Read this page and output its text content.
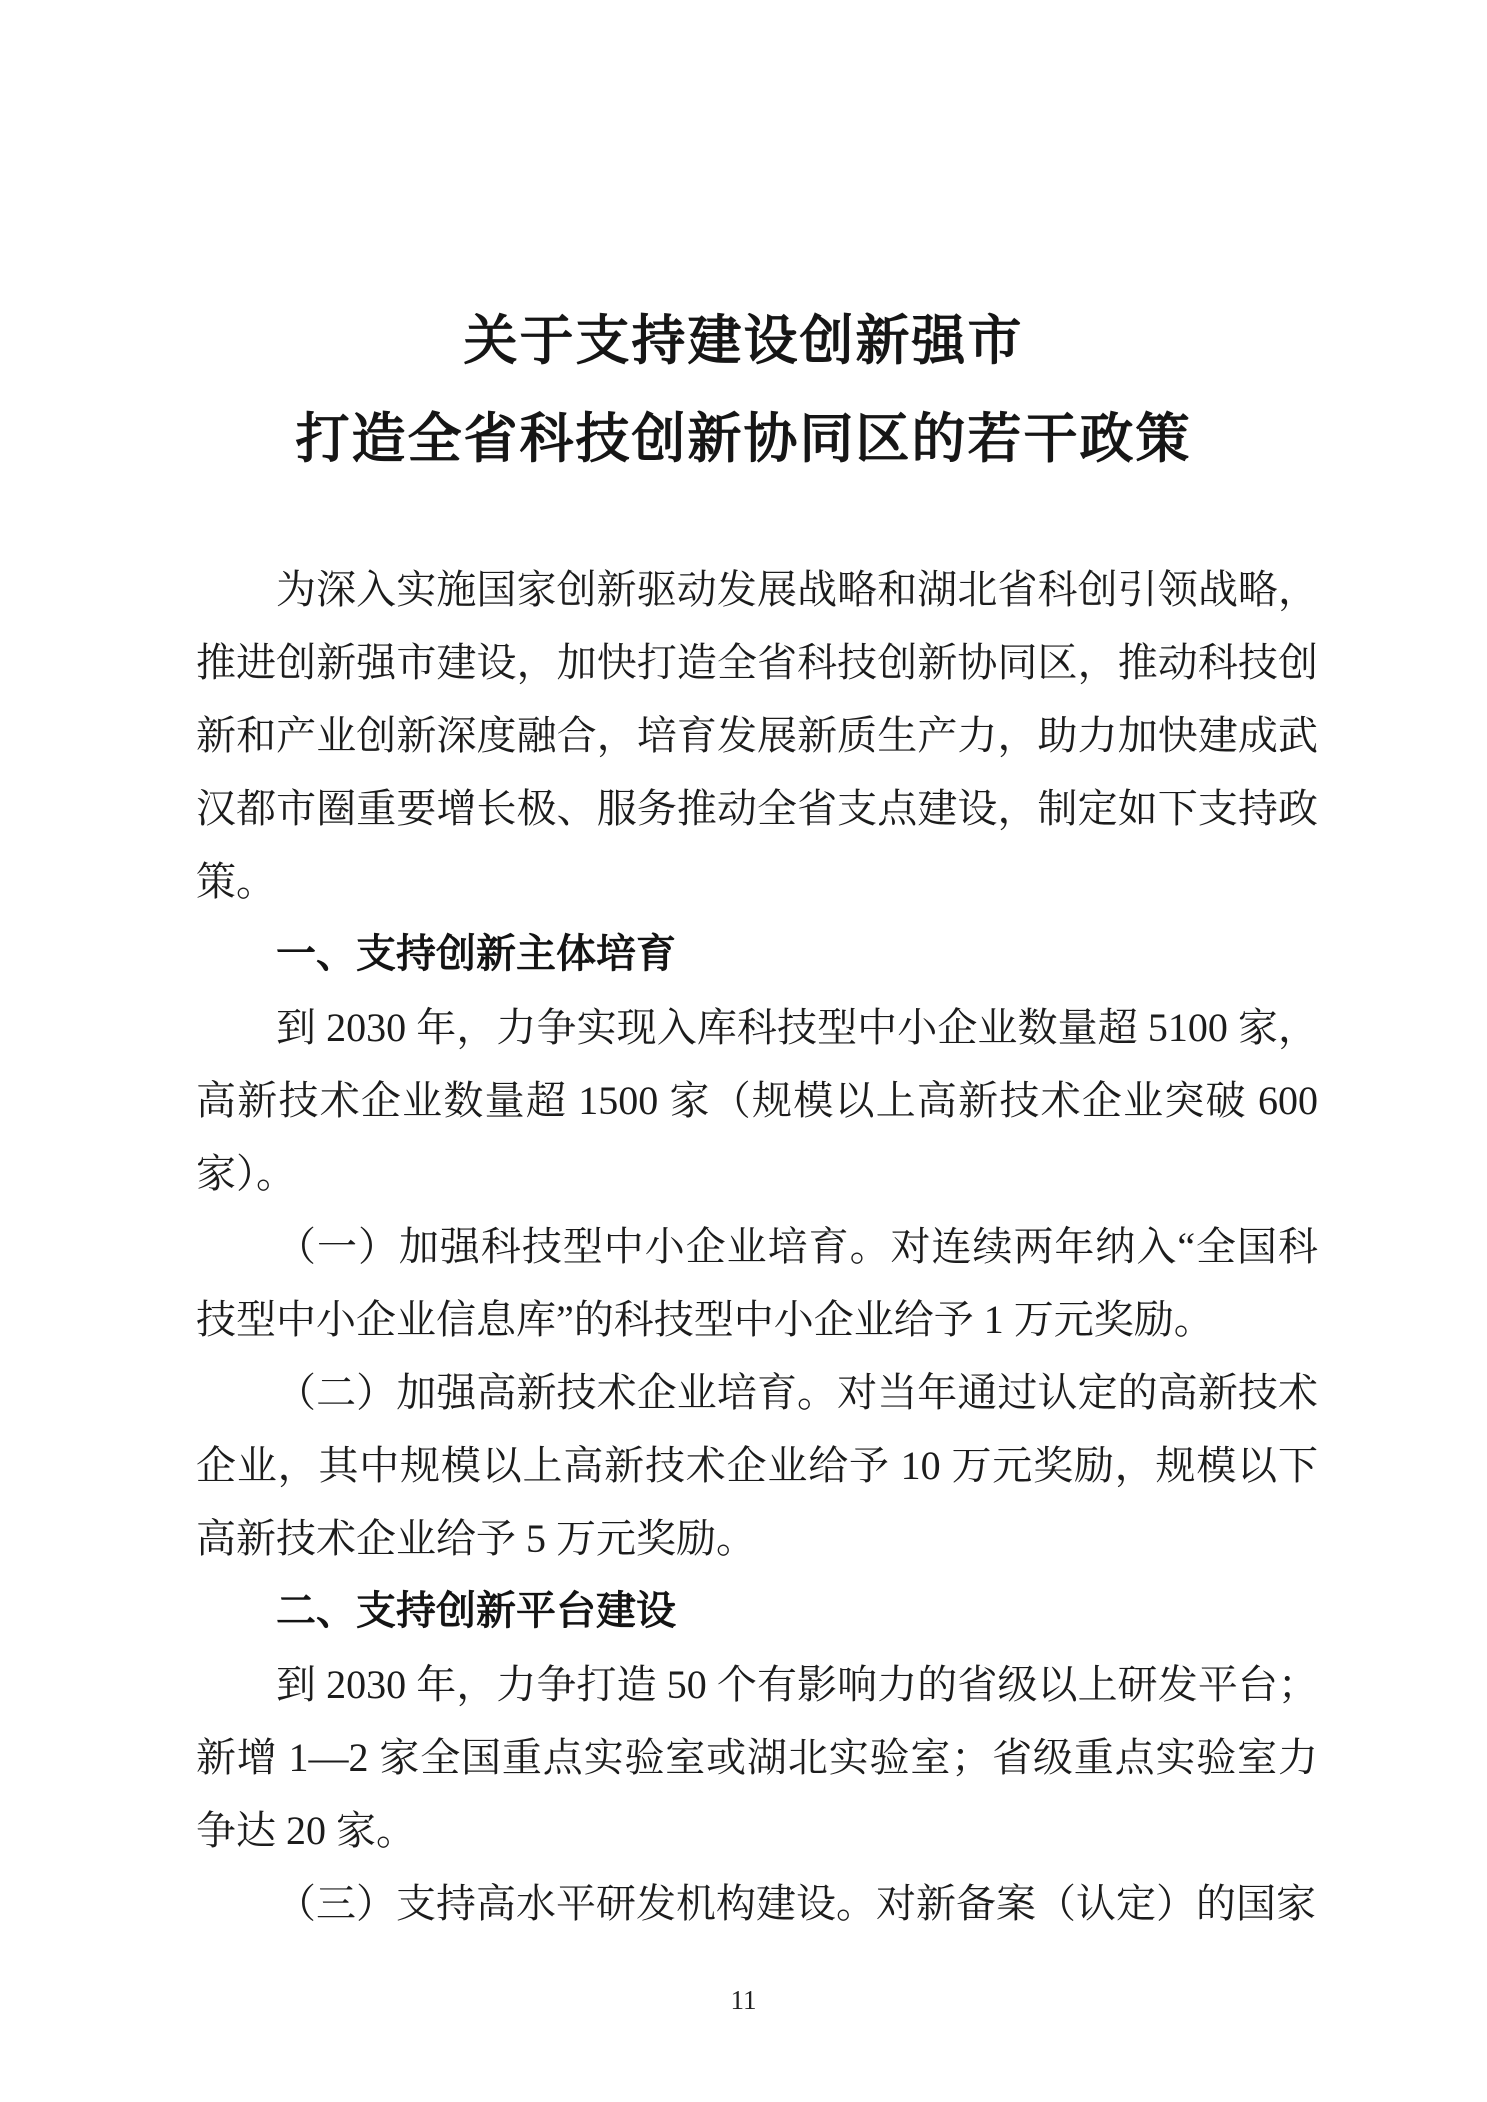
关于支持建设创新强市
打造全省科技创新协同区的若干政策

为深入实施国家创新驱动发展战略和湖北省科创引领战略，推进创新强市建设，加快打造全省科技创新协同区，推动科技创新和产业创新深度融合，培育发展新质生产力，助力加快建成武汉都市圈重要增长极、服务推动全省支点建设，制定如下支持政策。

一、支持创新主体培育

到 2030 年，力争实现入库科技型中小企业数量超 5100 家，高新技术企业数量超 1500 家（规模以上高新技术企业突破 600 家）。

（一）加强科技型中小企业培育。对连续两年纳入“全国科技型中小企业信息库”的科技型中小企业给予 1 万元奖励。

（二）加强高新技术企业培育。对当年通过认定的高新技术企业，其中规模以上高新技术企业给予 10 万元奖励，规模以下高新技术企业给予 5 万元奖励。

二、支持创新平台建设

到 2030 年，力争打造 50 个有影响力的省级以上研发平台；新增 1—2 家全国重点实验室或湖北实验室；省级重点实验室力争达 20 家。

（三）支持高水平研发机构建设。对新备案（认定）的国家

11
